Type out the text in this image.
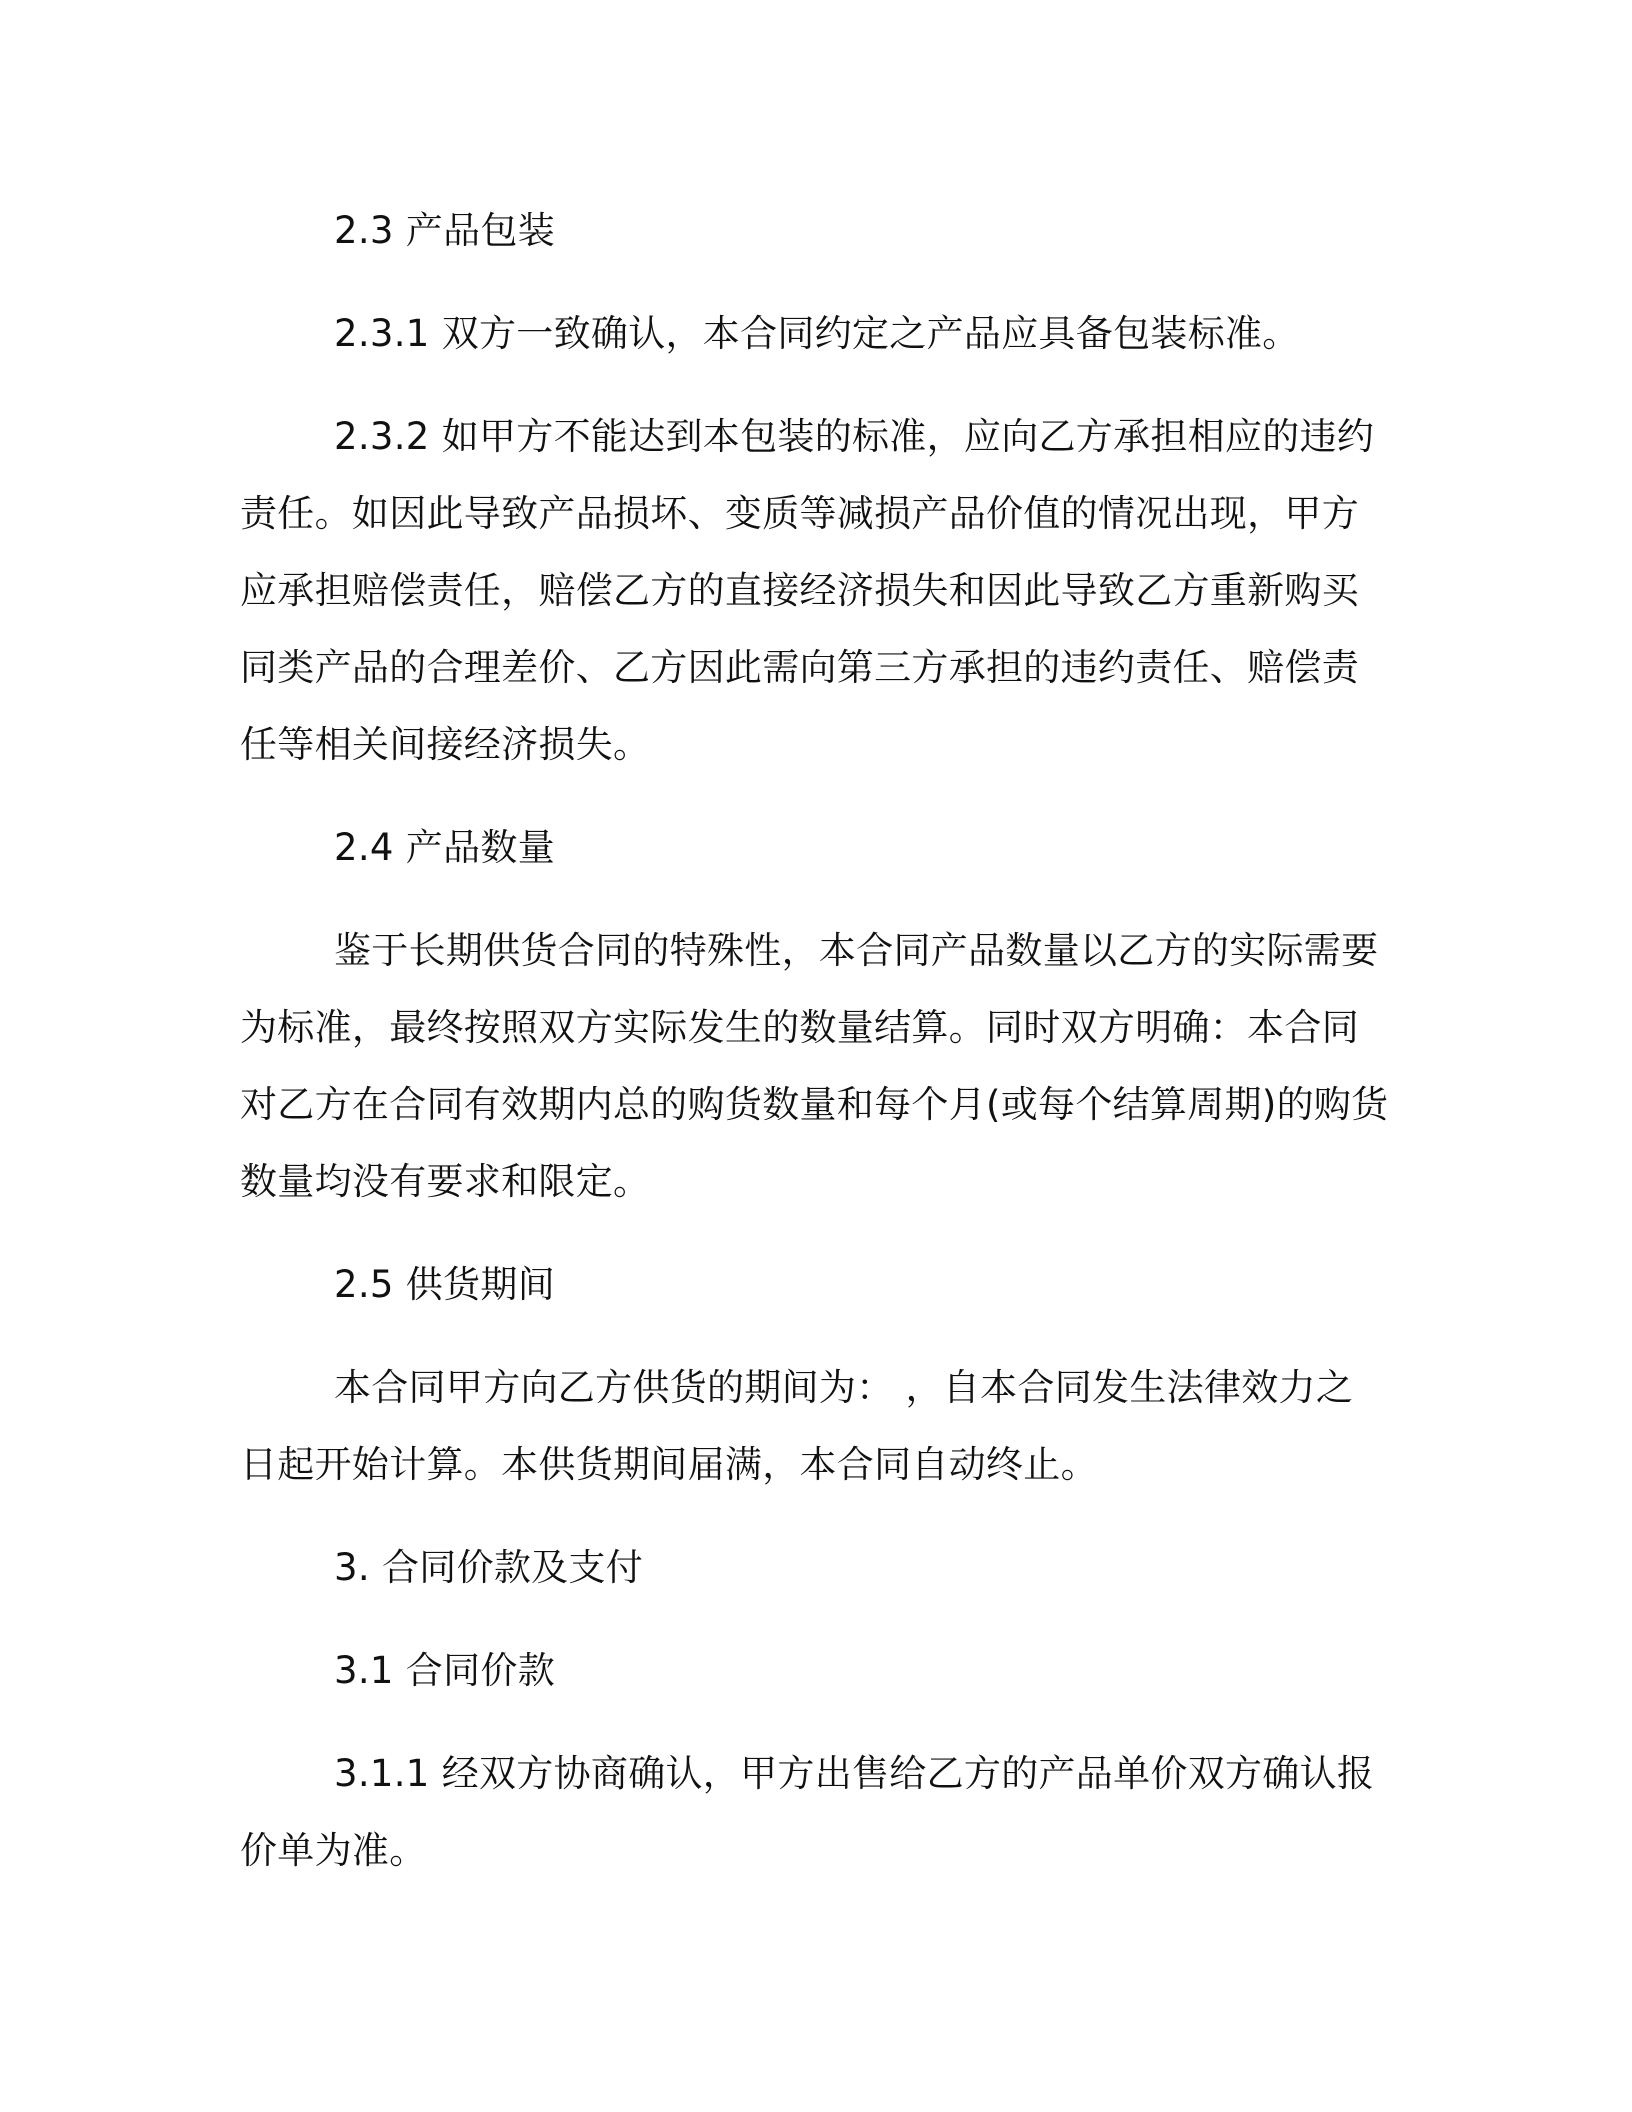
2.3 产品包装

2.3.1 双方一致确认，本合同约定之产品应具备包装标准。

2.3.2 如甲方不能达到本包装的标准，应向乙方承担相应的违约责任。如因此导致产品损坏、变质等减损产品价值的情况出现，甲方应承担赔偿责任，赔偿乙方的直接经济损失和因此导致乙方重新购买同类产品的合理差价、乙方因此需向第三方承担的违约责任、赔偿责任等相关间接经济损失。

2.4 产品数量

鉴于长期供货合同的特殊性，本合同产品数量以乙方的实际需要为标准，最终按照双方实际发生的数量结算。同时双方明确：本合同对乙方在合同有效期内总的购货数量和每个月(或每个结算周期)的购货数量均没有要求和限定。

2.5 供货期间

本合同甲方向乙方供货的期间为： ，自本合同发生法律效力之日起开始计算。本供货期间届满，本合同自动终止。

3. 合同价款及支付

3.1 合同价款

3.1.1 经双方协商确认，甲方出售给乙方的产品单价双方确认报价单为准。
